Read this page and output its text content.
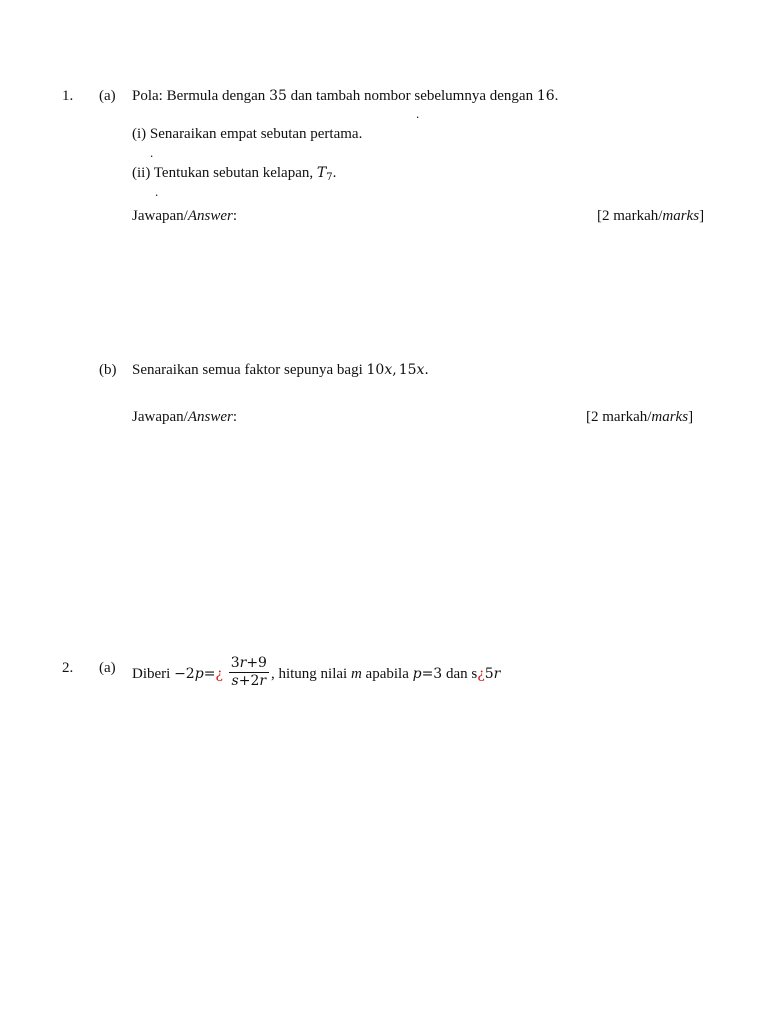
1. (a) Pola: Bermula dengan 35 dan tambah nombor sebelumnya dengan 16.
.
(i) Senaraikan empat sebutan pertama.
.
(ii) Tentukan sebutan kelapan, $T_7$.
.
Jawapan/Answer:	[2 markah/marks]
(b) Senaraikan semua faktor sepunya bagi 10x, 15x.
Jawapan/Answer:	[2 markah/marks]
2. (a) Diberi −2p=¿ $\frac{3r+9}{s+2r}$ , hitung nilai m apabila p=3 dan s¿5r
